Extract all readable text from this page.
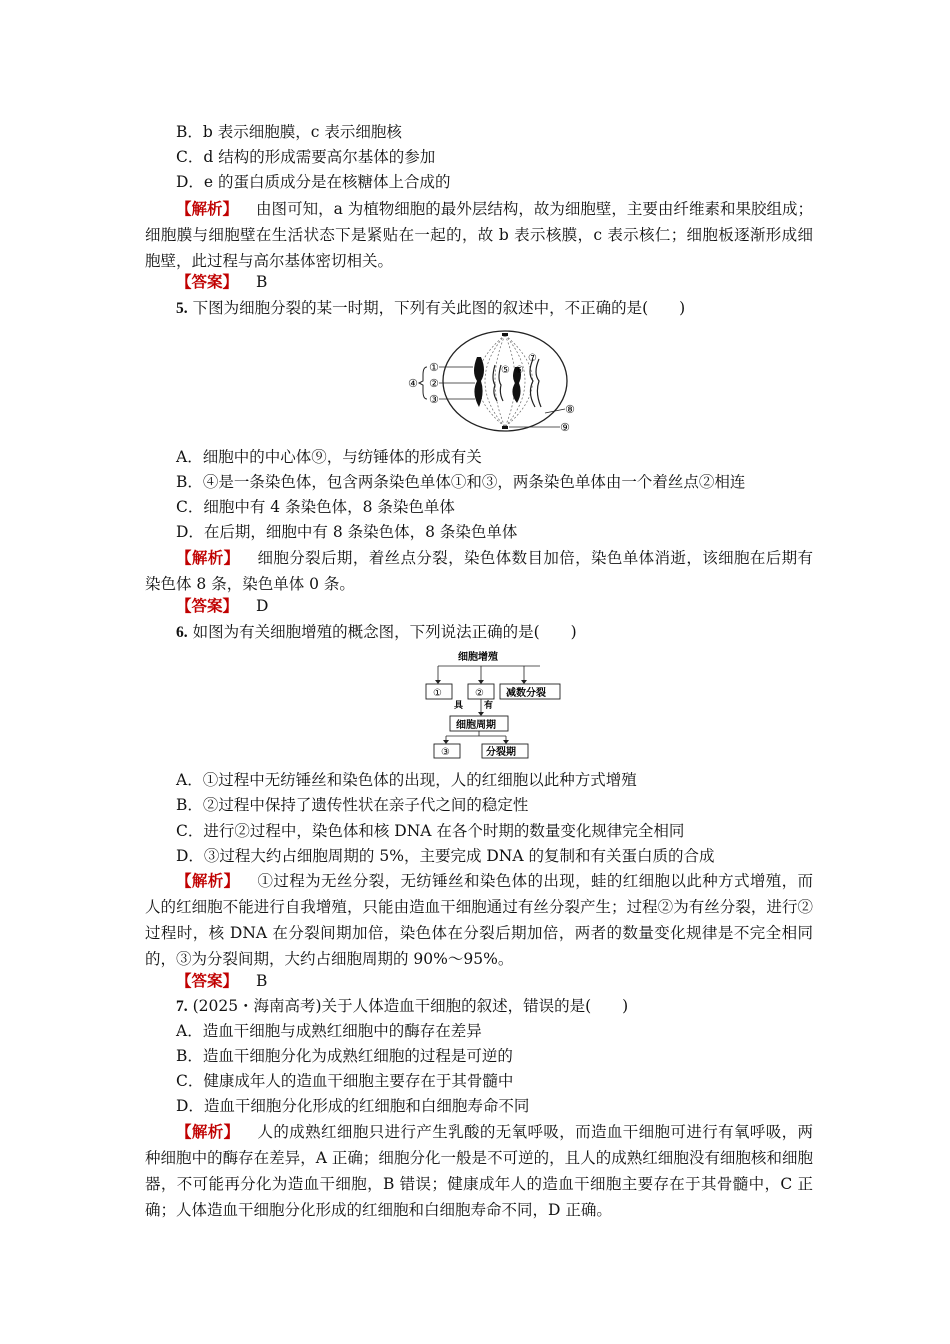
B．b 表示细胞膜，c 表示细胞核
C．d 结构的形成需要高尔基体的参加
D．e 的蛋白质成分是在核糖体上合成的
【解析】 由图可知，a 为植物细胞的最外层结构，故为细胞壁，主要由纤维素和果胶组成；细胞膜与细胞壁在生活状态下是紧贴在一起的，故 b 表示核膜，c 表示核仁；细胞板逐渐形成细胞壁，此过程与高尔基体密切相关。
【答案】 B
5. 下图为细胞分裂的某一时期，下列有关此图的叙述中，不正确的是(　　)
①
②
③
④
⑤ ⑥
⑦
⑧
⑨
A．细胞中的中心体⑨，与纺锤体的形成有关
B．④是一条染色体，包含两条染色单体①和③，两条染色单体由一个着丝点②相连
C．细胞中有 4 条染色体，8 条染色单体
D．在后期，细胞中有 8 条染色体，8 条染色单体
【解析】 细胞分裂后期，着丝点分裂，染色体数目加倍，染色单体消逝，该细胞在后期有染色体 8 条，染色单体 0 条。
【答案】 D
6. 如图为有关细胞增殖的概念图，下列说法正确的是(　　)
细胞增殖
①	② 减数分裂
具 有
细胞周期
③	分裂期
A．①过程中无纺锤丝和染色体的出现，人的红细胞以此种方式增殖
B．②过程中保持了遗传性状在亲子代之间的稳定性
C．进行②过程中，染色体和核 DNA 在各个时期的数量变化规律完全相同
D．③过程大约占细胞周期的 5%，主要完成 DNA 的复制和有关蛋白质的合成
【解析】 ①过程为无丝分裂，无纺锤丝和染色体的出现，蛙的红细胞以此种方式增殖，而人的红细胞不能进行自我增殖，只能由造血干细胞通过有丝分裂产生；过程②为有丝分裂，进行②过程时，核 DNA 在分裂间期加倍，染色体在分裂后期加倍，两者的数量变化规律是不完全相同的，③为分裂间期，大约占细胞周期的 90%～95%。
【答案】 B
7. (2025・海南高考)关于人体造血干细胞的叙述，错误的是(　　)
A．造血干细胞与成熟红细胞中的酶存在差异
B．造血干细胞分化为成熟红细胞的过程是可逆的
C．健康成年人的造血干细胞主要存在于其骨髓中
D．造血干细胞分化形成的红细胞和白细胞寿命不同
【解析】 人的成熟红细胞只进行产生乳酸的无氧呼吸，而造血干细胞可进行有氧呼吸，两种细胞中的酶存在差异，A 正确；细胞分化一般是不可逆的，且人的成熟红细胞没有细胞核和细胞器，不可能再分化为造血干细胞，B 错误；健康成年人的造血干细胞主要存在于其骨髓中，C 正确；人体造血干细胞分化形成的红细胞和白细胞寿命不同，D 正确。
